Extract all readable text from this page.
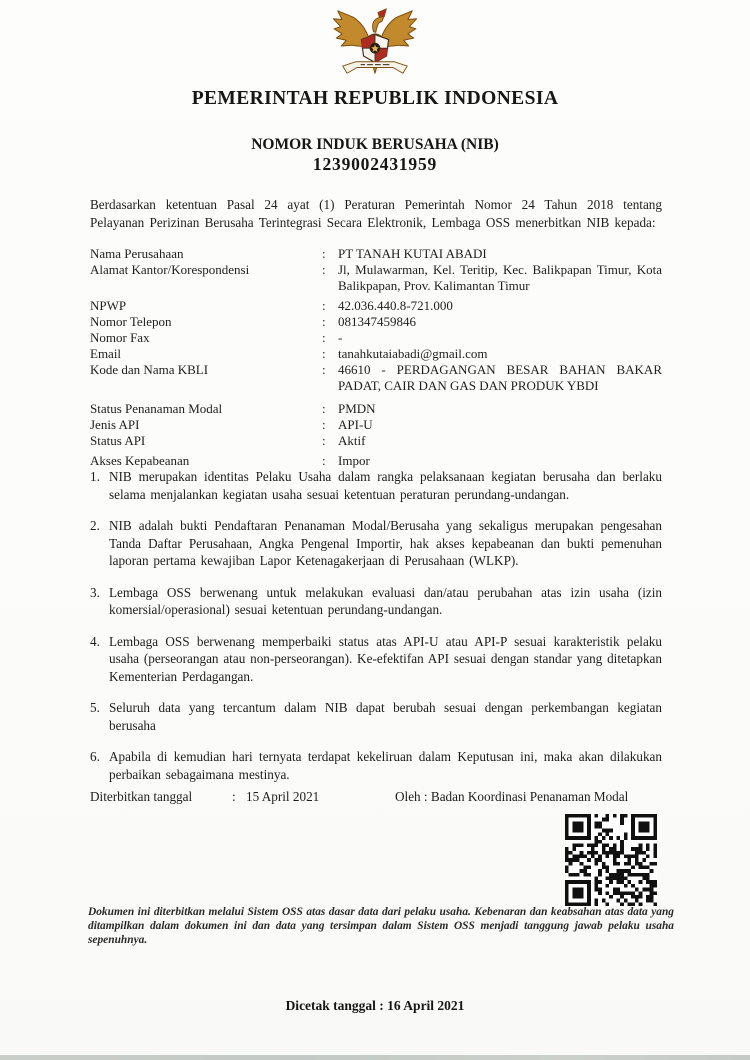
PEMERINTAH REPUBLIK INDONESIA
NOMOR INDUK BERUSAHA (NIB)
1239002431959
Berdasarkan ketentuan Pasal 24 ayat (1) Peraturan Pemerintah Nomor 24 Tahun 2018 tentang Pelayanan Perizinan Berusaha Terintegrasi Secara Elektronik, Lembaga OSS menerbitkan NIB kepada:
Nama Perusahaan	: PT TANAH KUTAI ABADI
Alamat Kantor/Korespondensi	: Jl, Mulawarman, Kel. Teritip, Kec. Balikpapan Timur, Kota Balikpapan, Prov. Kalimantan Timur
NPWP	: 42.036.440.8-721.000
Nomor Telepon	: 081347459846
Nomor Fax	: -
Email	: tanahkutaiabadi@gmail.com
Kode dan Nama KBLI	: 46610 - PERDAGANGAN BESAR BAHAN BAKAR PADAT, CAIR DAN GAS DAN PRODUK YBDI
Status Penanaman Modal	: PMDN
Jenis API	: API-U
Status API	: Aktif
Akses Kepabeanan	: Impor
1. NIB merupakan identitas Pelaku Usaha dalam rangka pelaksanaan kegiatan berusaha dan berlaku selama menjalankan kegiatan usaha sesuai ketentuan peraturan perundang-undangan.
2. NIB adalah bukti Pendaftaran Penanaman Modal/Berusaha yang sekaligus merupakan pengesahan Tanda Daftar Perusahaan, Angka Pengenal Importir, hak akses kepabeanan dan bukti pemenuhan laporan pertama kewajiban Lapor Ketenagakerjaan di Perusahaan (WLKP).
3. Lembaga OSS berwenang untuk melakukan evaluasi dan/atau perubahan atas izin usaha (izin komersial/operasional) sesuai ketentuan perundang-undangan.
4. Lembaga OSS berwenang memperbaiki status atas API-U atau API-P sesuai karakteristik pelaku usaha (perseorangan atau non-perseorangan). Ke-efektifan API sesuai dengan standar yang ditetapkan Kementerian Perdagangan.
5. Seluruh data yang tercantum dalam NIB dapat berubah sesuai dengan perkembangan kegiatan berusaha
6. Apabila di kemudian hari ternyata terdapat kekeliruan dalam Keputusan ini, maka akan dilakukan perbaikan sebagaimana mestinya.
Diterbitkan tanggal	: 15 April 2021	Oleh : Badan Koordinasi Penanaman Modal
Dokumen ini diterbitkan melalui Sistem OSS atas dasar data dari pelaku usaha. Kebenaran dan keabsahan atas data yang ditampilkan dalam dokumen ini dan data yang tersimpan dalam Sistem OSS menjadi tanggung jawab pelaku usaha sepenuhnya.
Dicetak tanggal : 16 April 2021
